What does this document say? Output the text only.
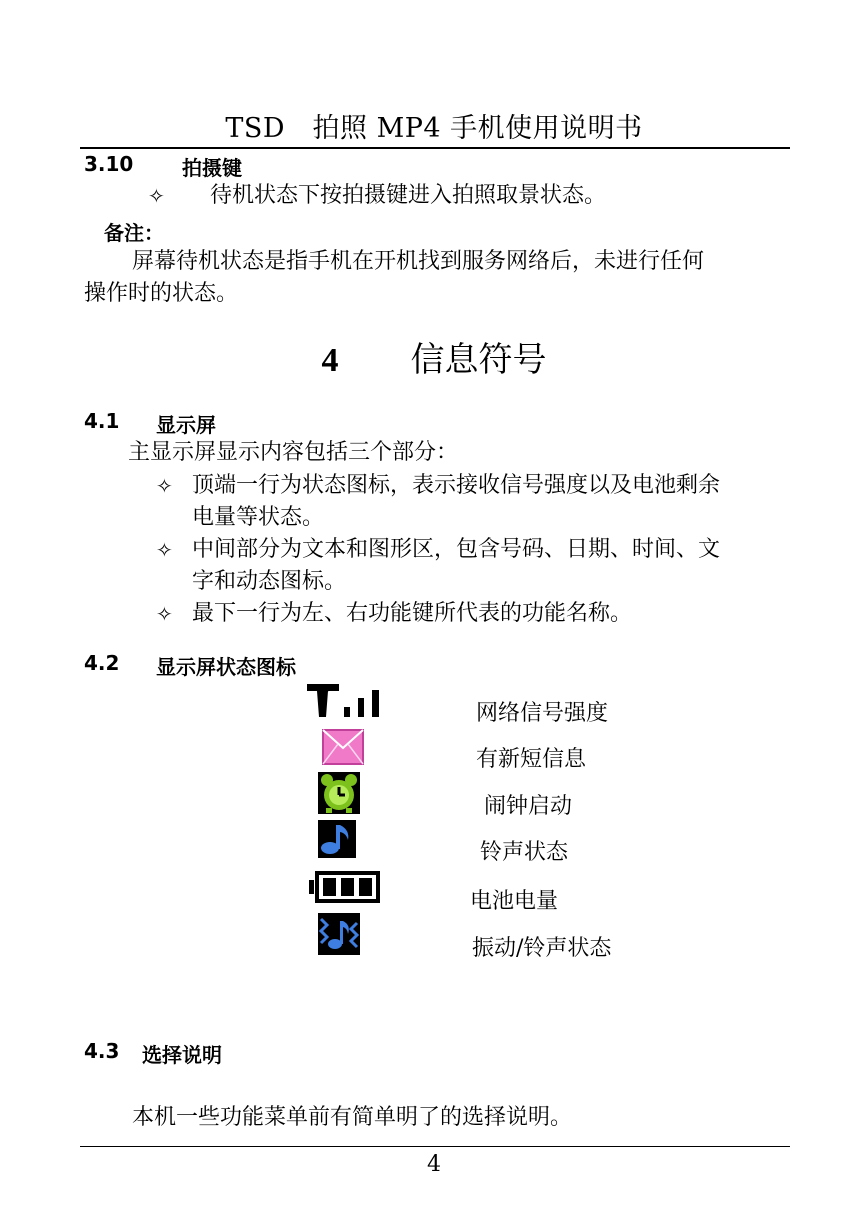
TSD　拍照 MP4 手机使用说明书
3.10 拍摄键
✧ 待机状态下按拍摄键进入拍照取景状态。
备注：
屏幕待机状态是指手机在开机找到服务网络后，未进行任何
操作时的状态。
4 信息符号
4.1 显示屏
主显示屏显示内容包括三个部分：
✧ 顶端一行为状态图标，表示接收信号强度以及电池剩余
电量等状态。
✧ 中间部分为文本和图形区，包含号码、日期、时间、文
字和动态图标。
✧ 最下一行为左、右功能键所代表的功能名称。
4.2 显示屏状态图标
网络信号强度
有新短信息
闹钟启动
铃声状态
电池电量
振动/铃声状态
4.3 选择说明
本机一些功能菜单前有简单明了的选择说明。
4
